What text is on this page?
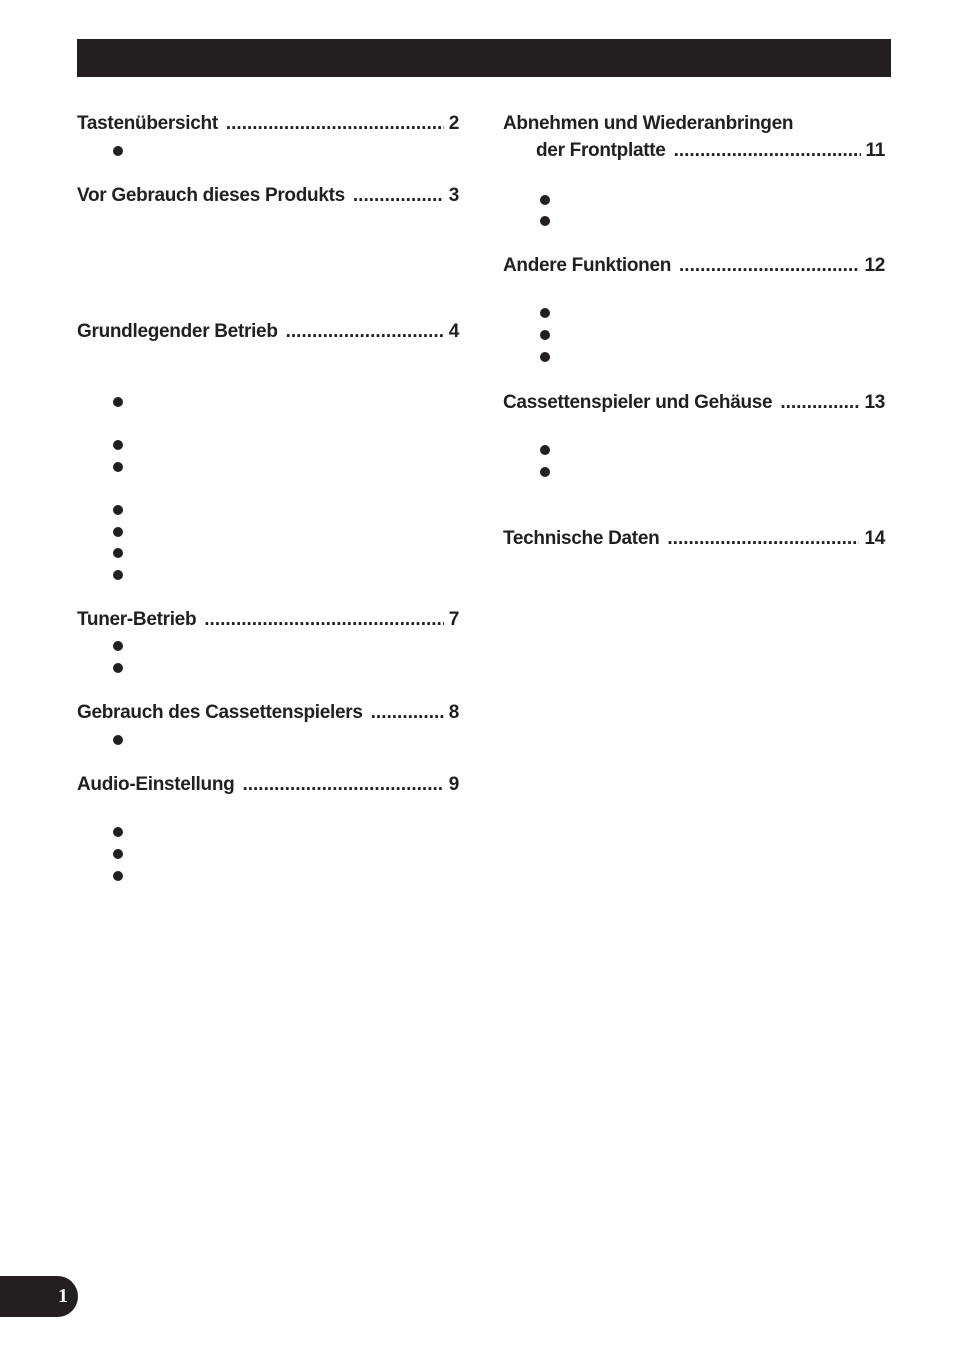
Tastenübersicht .....	2
Vor Gebrauch dieses Produkts .....	3
Grundlegender Betrieb .....	4
Tuner-Betrieb .....	7
Gebrauch des Cassettenspielers .....	8
Audio-Einstellung .....	9
Abnehmen und Wiederanbringen
der Frontplatte .....	11
Andere Funktionen .....	12
Cassettenspieler und Gehäuse .....	13
Technische Daten .....	14
1
